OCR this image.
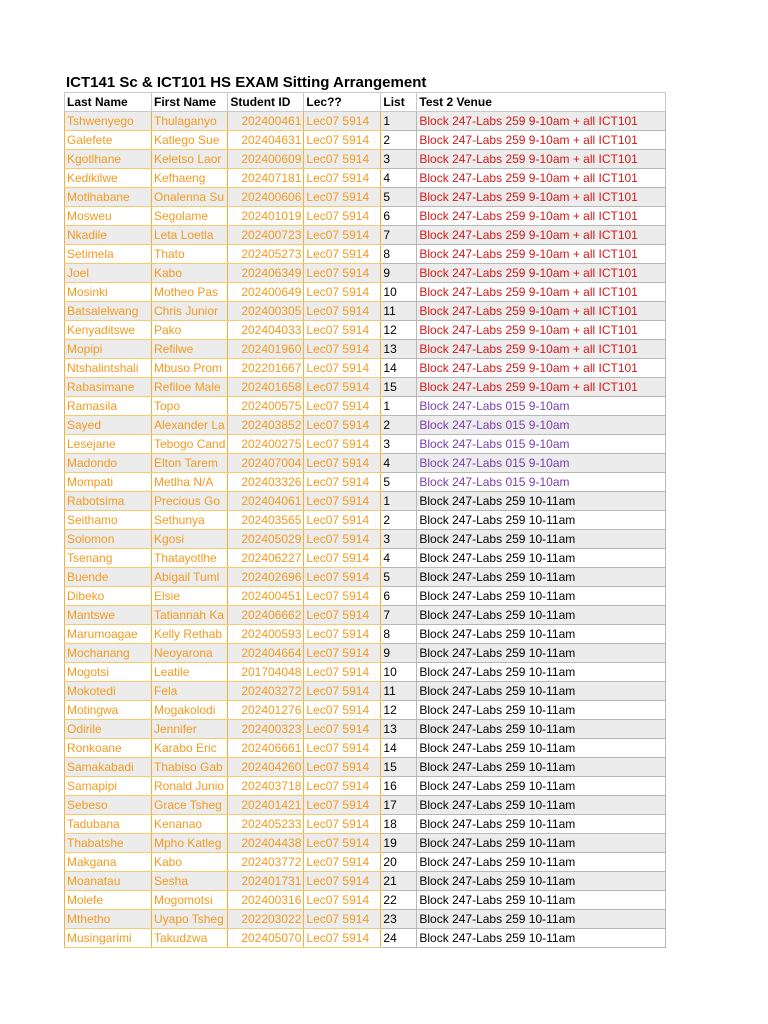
ICT141 Sc & ICT101 HS EXAM Sitting Arrangement
Last Name	First Name	Student ID	Lec??	List	Test 2 Venue
Tshwenyego	Thulaganyo	202400461	Lec07 5914	1	Block 247-Labs 259 9-10am + all ICT101
Galefete	Katlego Sue	202404631	Lec07 5914	2	Block 247-Labs 259 9-10am + all ICT101
Kgotlhane	Keletso Laor	202400609	Lec07 5914	3	Block 247-Labs 259 9-10am + all ICT101
Kedikilwe	Kefhaeng	202407181	Lec07 5914	4	Block 247-Labs 259 9-10am + all ICT101
Motlhabane	Onalenna Su	202400606	Lec07 5914	5	Block 247-Labs 259 9-10am + all ICT101
Mosweu	Segolame	202401019	Lec07 5914	6	Block 247-Labs 259 9-10am + all ICT101
Nkadile	Leta Loetla	202400723	Lec07 5914	7	Block 247-Labs 259 9-10am + all ICT101
Setimela	Thato	202405273	Lec07 5914	8	Block 247-Labs 259 9-10am + all ICT101
Joel	Kabo	202406349	Lec07 5914	9	Block 247-Labs 259 9-10am + all ICT101
Mosinki	Motheo Pas	202400649	Lec07 5914	10	Block 247-Labs 259 9-10am + all ICT101
Batsalelwang	Chris Junior	202400305	Lec07 5914	11	Block 247-Labs 259 9-10am + all ICT101
Kenyaditswe	Pako	202404033	Lec07 5914	12	Block 247-Labs 259 9-10am + all ICT101
Mopipi	Refilwe	202401960	Lec07 5914	13	Block 247-Labs 259 9-10am + all ICT101
Ntshalintshali	Mbuso Prom	202201667	Lec07 5914	14	Block 247-Labs 259 9-10am + all ICT101
Rabasimane	Refiloe Male	202401658	Lec07 5914	15	Block 247-Labs 259 9-10am + all ICT101
Ramasila	Topo	202400575	Lec07 5914	1	Block 247-Labs 015 9-10am
Sayed	Alexander La	202403852	Lec07 5914	2	Block 247-Labs 015 9-10am
Lesejane	Tebogo Cand	202400275	Lec07 5914	3	Block 247-Labs 015 9-10am
Madondo	Elton Tarem	202407004	Lec07 5914	4	Block 247-Labs 015 9-10am
Mompati	Metlha N/A	202403326	Lec07 5914	5	Block 247-Labs 015 9-10am
Rabotsima	Precious Go	202404061	Lec07 5914	1	Block 247-Labs 259 10-11am
Seithamo	Sethunya	202403565	Lec07 5914	2	Block 247-Labs 259 10-11am
Solomon	Kgosi	202405029	Lec07 5914	3	Block 247-Labs 259 10-11am
Tsenang	Thatayotlhe	202406227	Lec07 5914	4	Block 247-Labs 259 10-11am
Buende	Abigail Tuml	202402696	Lec07 5914	5	Block 247-Labs 259 10-11am
Dibeko	Elsie	202400451	Lec07 5914	6	Block 247-Labs 259 10-11am
Mantswe	Tatiannah Ka	202406662	Lec07 5914	7	Block 247-Labs 259 10-11am
Marumoagae	Kelly Rethab	202400593	Lec07 5914	8	Block 247-Labs 259 10-11am
Mochanang	Neoyarona	202404664	Lec07 5914	9	Block 247-Labs 259 10-11am
Mogotsi	Leatile	201704048	Lec07 5914	10	Block 247-Labs 259 10-11am
Mokotedi	Fela	202403272	Lec07 5914	11	Block 247-Labs 259 10-11am
Motingwa	Mogakolodi	202401276	Lec07 5914	12	Block 247-Labs 259 10-11am
Odirile	Jennifer	202400323	Lec07 5914	13	Block 247-Labs 259 10-11am
Ronkoane	Karabo Eric	202406661	Lec07 5914	14	Block 247-Labs 259 10-11am
Samakabadi	Thabiso Gab	202404260	Lec07 5914	15	Block 247-Labs 259 10-11am
Samapipi	Ronald Junio	202403718	Lec07 5914	16	Block 247-Labs 259 10-11am
Sebeso	Grace Tsheg	202401421	Lec07 5914	17	Block 247-Labs 259 10-11am
Tadubana	Kenanao	202405233	Lec07 5914	18	Block 247-Labs 259 10-11am
Thabatshe	Mpho Katleg	202404438	Lec07 5914	19	Block 247-Labs 259 10-11am
Makgana	Kabo	202403772	Lec07 5914	20	Block 247-Labs 259 10-11am
Moanatau	Sesha	202401731	Lec07 5914	21	Block 247-Labs 259 10-11am
Molefe	Mogomotsi	202400316	Lec07 5914	22	Block 247-Labs 259 10-11am
Mthetho	Uyapo Tsheg	202203022	Lec07 5914	23	Block 247-Labs 259 10-11am
Musingarimi	Takudzwa	202405070	Lec07 5914	24	Block 247-Labs 259 10-11am
